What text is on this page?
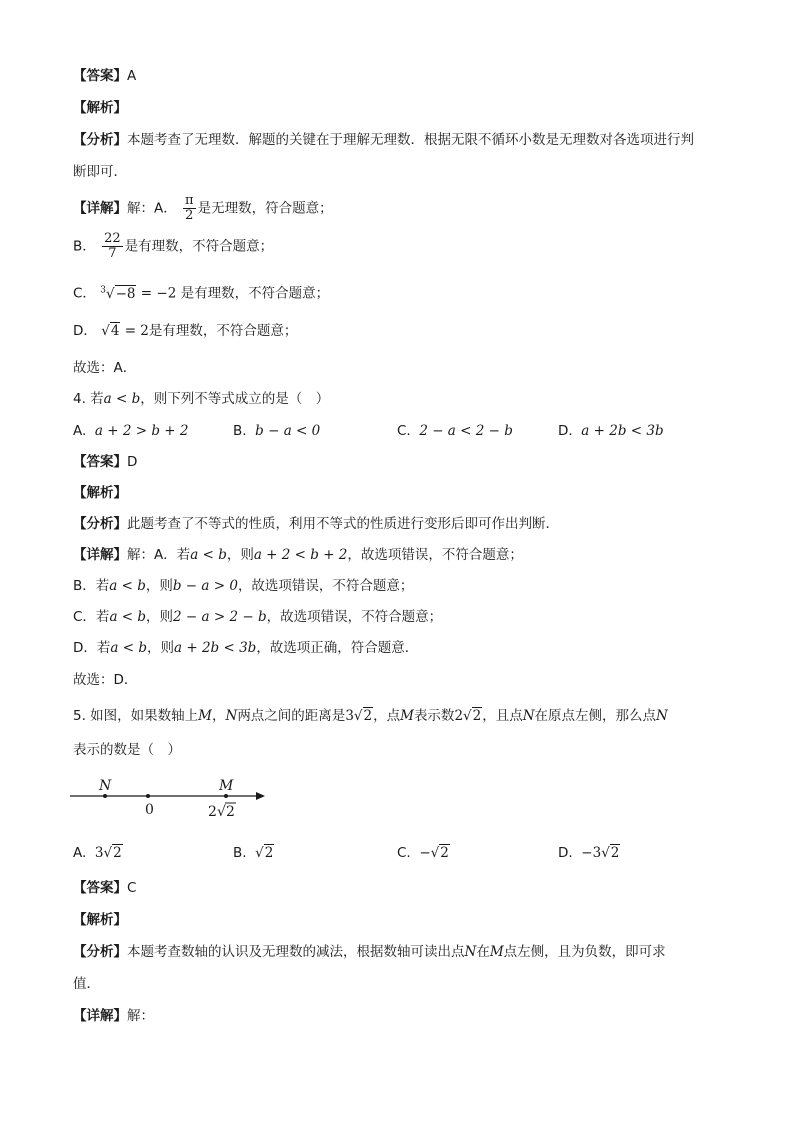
【答案】A
【解析】
【分析】本题考查了无理数．解题的关键在于理解无理数．根据无限不循环小数是无理数对各选项进行判
断即可．
【详解】解：A． $\frac{\pi}{2}$ 是无理数，符合题意；
B． $\frac{22}{7}$ 是有理数，不符合题意；
C． $^3$√−8 = −2 是有理数，不符合题意；
D． √4 = 2是有理数，不符合题意；
故选：A．
4. 若a < b，则下列不等式成立的是（　）
A. a + 2 > b + 2	B. b − a < 0	C. 2 − a < 2 − b	D. a + 2b < 3b
【答案】D
【解析】
【分析】此题考查了不等式的性质，利用不等式的性质进行变形后即可作出判断．
【详解】解：A．若a < b，则a + 2 < b + 2，故选项错误，不符合题意；
B．若a < b，则b − a > 0，故选项错误，不符合题意；
C．若a < b，则2 − a > 2 − b，故选项错误，不符合题意；
D．若a < b，则a + 2b < 3b，故选项正确，符合题意．
故选：D．
5. 如图，如果数轴上M，N两点之间的距离是3√2，点M表示数2√2，且点N在原点左侧，那么点N
表示的数是（　）
N	M
0	2 √ 2
A. 3√2	B. √2	C. −√2	D. −3√2
【答案】C
【解析】
【分析】本题考查数轴的认识及无理数的减法，根据数轴可读出点N在M点左侧，且为负数，即可求
值．
【详解】解：
